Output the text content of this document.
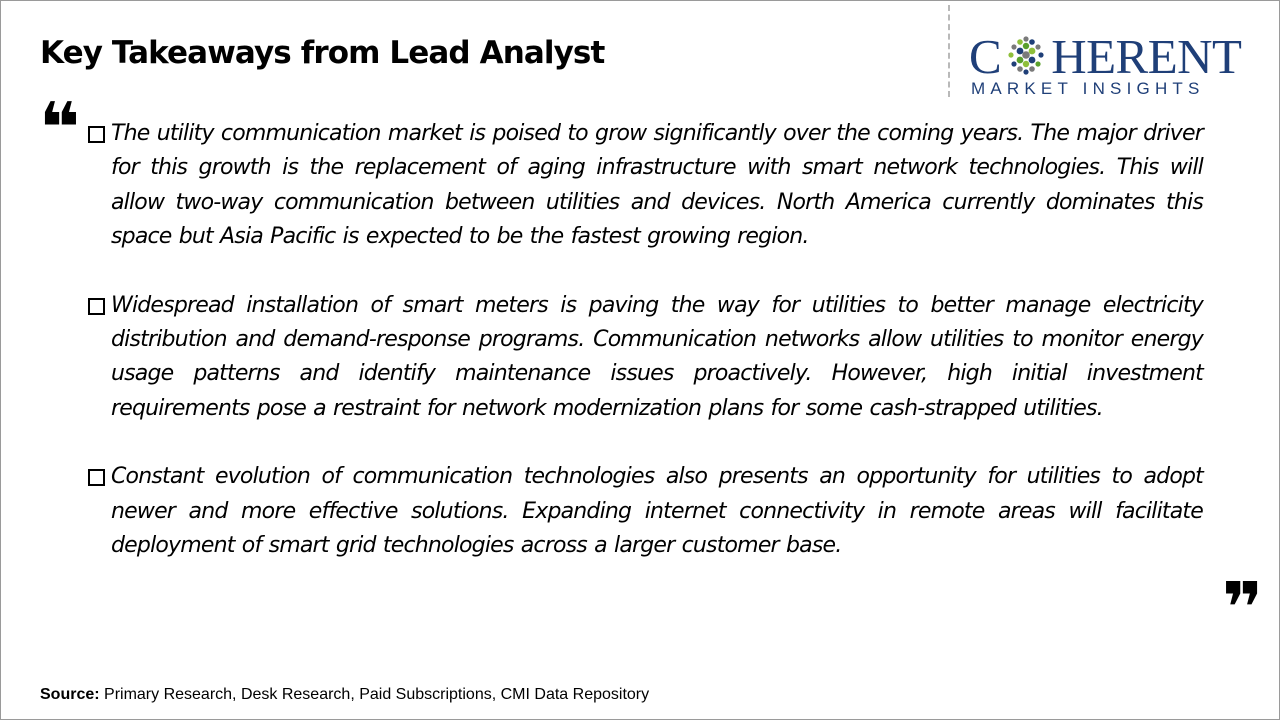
Key Takeaways from Lead Analyst	C HERENT
MARKET INSIGHTS
❝ The utility communication market is poised to grow significantly over the coming years. The major driver for this growth is the replacement of aging infrastructure with smart network technologies. This will allow two-way communication between utilities and devices. North America currently dominates this space but Asia Pacific is expected to be the fastest growing region.
Widespread installation of smart meters is paving the way for utilities to better manage electricity distribution and demand-response programs. Communication networks allow utilities to monitor energy usage patterns and identify maintenance issues proactively. However, high initial investment requirements pose a restraint for network modernization plans for some cash-strapped utilities.
Constant evolution of communication technologies also presents an opportunity for utilities to adopt newer and more effective solutions. Expanding internet connectivity in remote areas will facilitate deployment of smart grid technologies across a larger customer base.
❞
Source: Primary Research, Desk Research, Paid Subscriptions, CMI Data Repository
